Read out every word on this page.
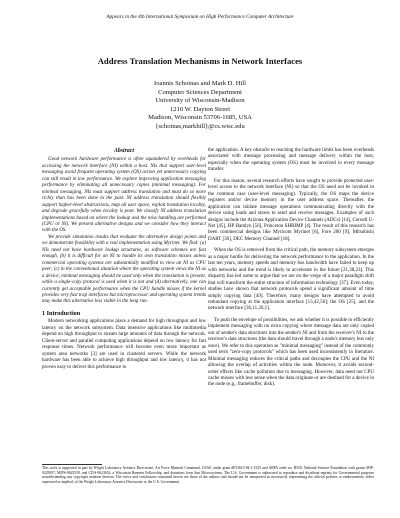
Appears in the 4th International Symposium on High Performance Computer Architecture
Address Translation Mechanisms in Network Interfaces
Ioannis Schoinas and Mark D. Hill
Computer Sciences Department
University of Wisconsin-Madison
1210 W. Dayton Street
Madison, Wisconsin 53706-1685, USA
{schoinas,markhill}@cs.wisc.edu
Abstract

Good network hardware performance is often squandered by overheads for accessing the network interface (NI) within a host. NIs that support user-level messaging avoid frequent operating system (OS) action yet unnecessary copying can still result in low performance. We explore improving application messaging performance by eliminating all unnecessary copies (minimal messaging). For minimal messaging, NIs must support address translation and must do so more richly than has been done in the past. NI address translation should flexibly support higher-level abstractions, map all user space, exploit translation locality, and degrade gracefully when locality is poor. We classify NI address translation implementations based on where the lookup and the miss handling are performed (CPU or NI). We present alternative designs and we consider how they interact with the OS.

We provide simulation results that evaluate the alternative design points and we demonstrate feasibility with a real implementation using Myrinet. We find: (a) NIs need not have hardware lookup structures, as software schemes are fast enough, (b) it is difficult for an NI to handle its own translation misses unless commercial operating systems are substantially modified to view an NI as CPU peer; (c) in the conventional situation where the operating system views the NI as a device, minimal messaging should be used only when the translation is present, while a single-copy protocol is used when it is not and (d) alternatively, one can currently get acceptable performance when the CPU handle misses if the kernel provides very fast trap interfaces but microprocessor and operating system trends may make this alternative less viable in the long run.

1 Introduction

Modern networking applications place a demand for high throughput and low latency on the network subsystem. Data intensive applications like multimedia depend on high throughput to stream large amounts of data through the network. Client-server and parallel computing applications depend on low latency for fast response times. Network performance will become even more important as system area networks [3] are used in clustered servers. While the network hardware has been able to achieve high throughput and low latency, it has not proven easy to deliver this performance to

the application. A key obstacle to reaching the hardware limits has been overheads associated with message processing and message delivery within the host, especially when the operating system (OS) must be involved in every message transfer.

For this reason, several research efforts have sought to provide protected user-level access to the network interface (NI) so that the OS need not be invoked in the common case (user-level messaging). Typically, the OS maps the device registers and/or device memory in the user address space. Thereafter, the application can initiate message operations communicating directly with the device using loads and stores to send and receive messages. Examples of such designs include the Arizona Application Device Channels (ADCs) [14], Cornell U-Net [45], HP Hamlyn [56], Princeton SHRIMP [4]. The result of this research has been commercial designs like Myricom Myrinet [6], Fore 200 [9], Mitsubishi DART [36], DEC Memory Channel [18].

When the OS is removed from the critical path, the memory subsystem emerges as a major hurdle for delivering the network performance to the application. In the last ten years, memory speeds and memory bus bandwidth have failed to keep up with networks and the trend is likely to accelerate in the future [21,38,23]. This disparity has led some to argue that we are on the verge of a major paradigm shift that will transform the entire structure of information technology [37]. Even today, studies have shown that network protocols spend a significant amount of time simply copying data [49]. Therefore, many designs have attempted to avoid redundant copying at the application interface [13,42,56]; the OS [25], and the network interface [36,11,26,1].

To push the envelope of possibilities, we ask whether it is possible to efficiently implement messaging with no extra copying where message data are only copied out of sender's data structures into the sender's NI and from the receiver's NI to the receiver's data structures (the data should travel through a node's memory bus only once). We refer to this operation as "minimal messaging" instead of the commonly used term "zero-copy protocols" which has been used inconsistently in literature. Minimal messaging reduces the critical paths and decouples the CPU and the NI allowing the overlap of activities within the node. Moreover, it avoids second-order effects like cache pollution due to messaging. However, data need not CPU cache misses with less sense when the data originate or are destined for a device in the node (e.g., framebuffer, disk).

This work is supported in part by Wright Laboratory Avionics Directorate, Air Force Materiel Command, USAF, under grant #F33615-94-1-1525 and ARPA order no. B550, National Science Foundation with grants MIP-9225097, MIPS-9625558, and CDA-9623632, a Wisconsin Romnes Fellowship, and donations from Sun Microsystems. The U.S. Government is authorized to reproduce and distribute reprints for Governmental purposes notwithstanding any copyright notation thereon. The views and conclusions contained herein are those of the authors and should not be interpreted as necessarily representing the official policies or endorsements, either expressed or implied, of the Wright Laboratory Avionics Directorate or the U.S. Government.
